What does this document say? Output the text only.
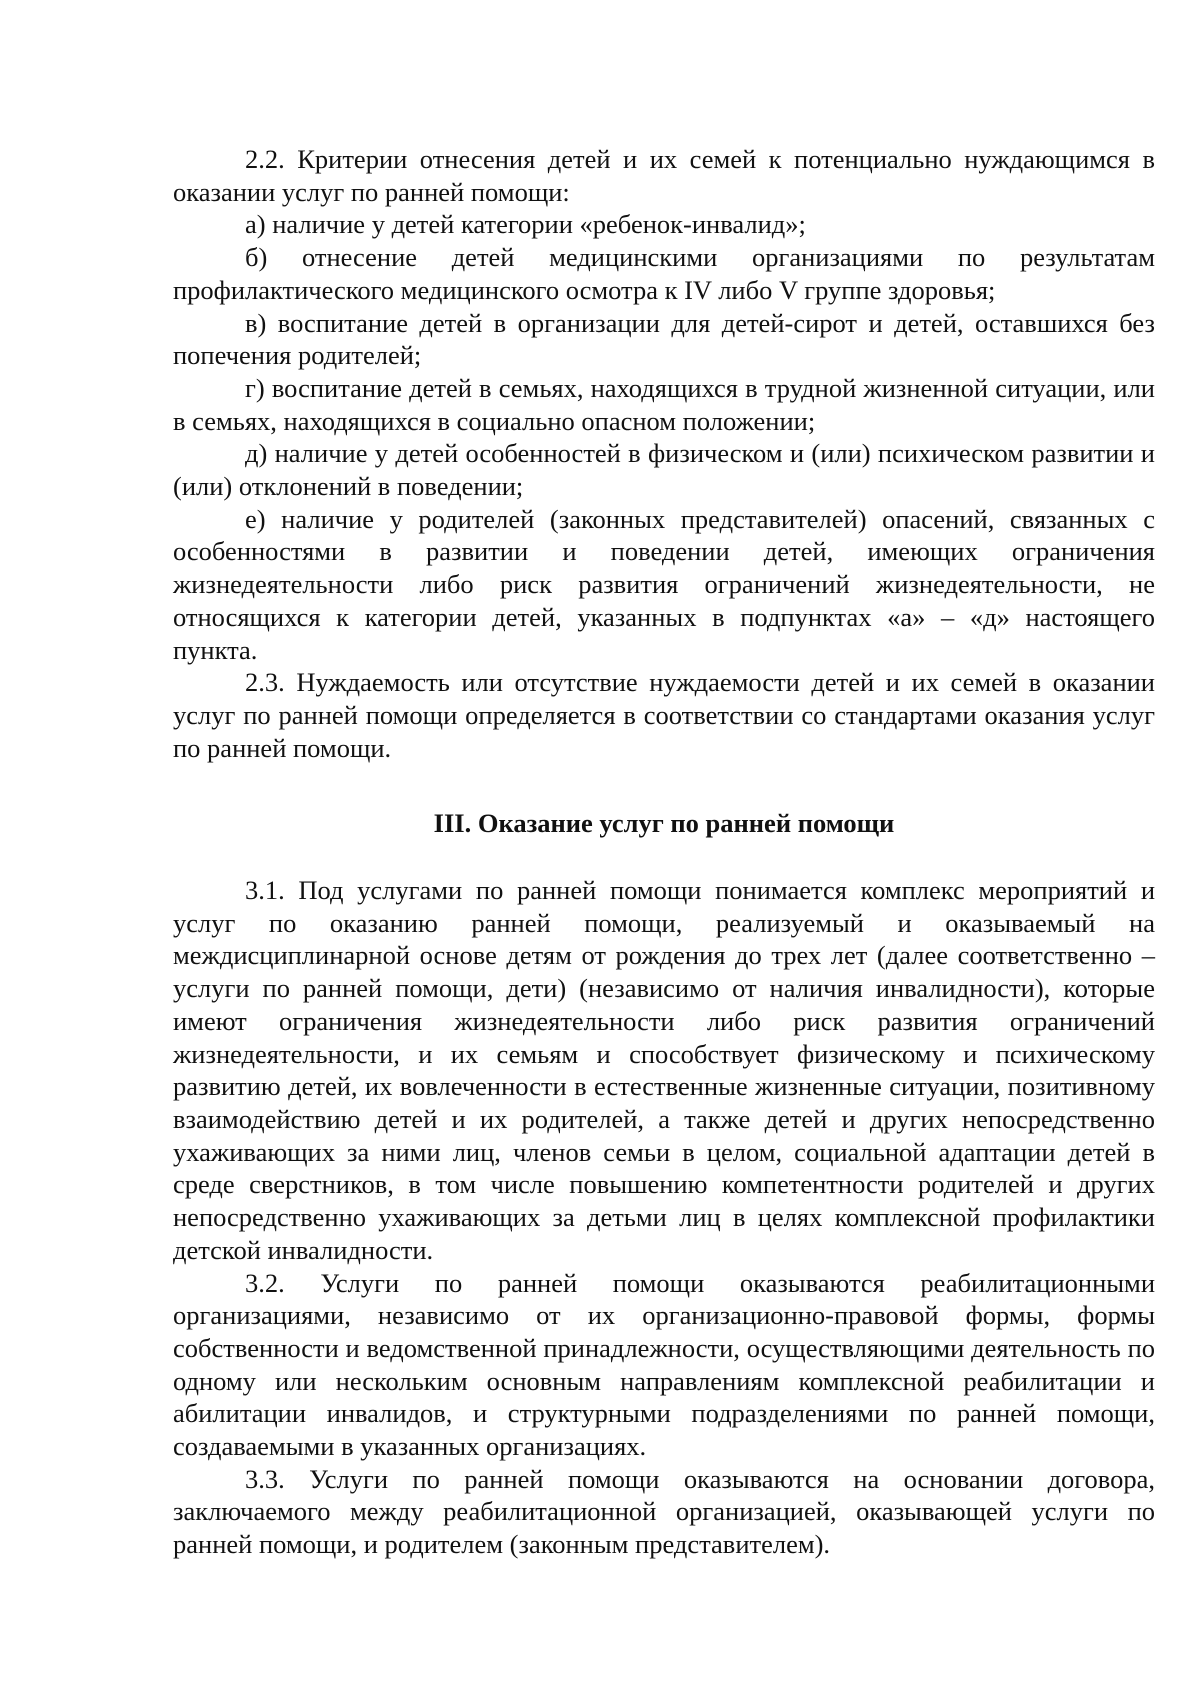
2.2. Критерии отнесения детей и их семей к потенциально нуждающимся в оказании услуг по ранней помощи:

а) наличие у детей категории «ребенок-инвалид»;

б) отнесение детей медицинскими организациями по результатам профилактического медицинского осмотра к IV либо V группе здоровья;

в) воспитание детей в организации для детей-сирот и детей, оставшихся без попечения родителей;

г) воспитание детей в семьях, находящихся в трудной жизненной ситуации, или в семьях, находящихся в социально опасном положении;

д) наличие у детей особенностей в физическом и (или) психическом развитии и (или) отклонений в поведении;

е) наличие у родителей (законных представителей) опасений, связанных с особенностями в развитии и поведении детей, имеющих ограничения жизнедеятельности либо риск развития ограничений жизнедеятельности, не относящихся к категории детей, указанных в подпунктах «а» – «д» настоящего пункта.

2.3. Нуждаемость или отсутствие нуждаемости детей и их семей в оказании услуг по ранней помощи определяется в соответствии со стандартами оказания услуг по ранней помощи.

III. Оказание услуг по ранней помощи

3.1. Под услугами по ранней помощи понимается комплекс мероприятий и услуг по оказанию ранней помощи, реализуемый и оказываемый на междисциплинарной основе детям от рождения до трех лет (далее соответственно – услуги по ранней помощи, дети) (независимо от наличия инвалидности), которые имеют ограничения жизнедеятельности либо риск развития ограничений жизнедеятельности, и их семьям и способствует физическому и психическому развитию детей, их вовлеченности в естественные жизненные ситуации, позитивному взаимодействию детей и их родителей, а также детей и других непосредственно ухаживающих за ними лиц, членов семьи в целом, социальной адаптации детей в среде сверстников, в том числе повышению компетентности родителей и других непосредственно ухаживающих за детьми лиц в целях комплексной профилактики детской инвалидности.

3.2. Услуги по ранней помощи оказываются реабилитационными организациями, независимо от их организационно-правовой формы, формы собственности и ведомственной принадлежности, осуществляющими деятельность по одному или нескольким основным направлениям комплексной реабилитации и абилитации инвалидов, и структурными подразделениями по ранней помощи, создаваемыми в указанных организациях.

3.3. Услуги по ранней помощи оказываются на основании договора, заключаемого между реабилитационной организацией, оказывающей услуги по ранней помощи, и родителем (законным представителем).
